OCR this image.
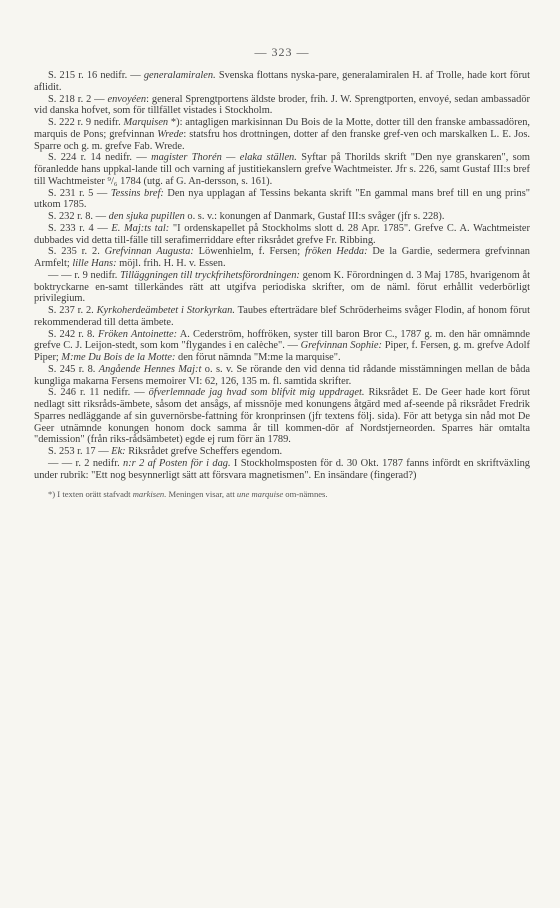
— 323 —

S. 215 r. 16 nedifr. — generalamiralen. Svenska flottans nyska-pare, generalamiralen H. af Trolle, hade kort förut aflidit.

S. 218 r. 2 — envoyéen: general Sprengtportens äldste broder, frih. J. W. Sprengtporten, envoyé, sedan ambassadör vid danska hofvet, som för tillfället vistades i Stockholm.

S. 222 r. 9 nedifr. Marquisen *): antagligen markisinnan Du Bois de la Motte, dotter till den franske ambassadören, marquis de Pons; grefvinnan Wrede: statsfru hos drottningen, dotter af den franske gref-ven och marskalken L. E. Jos. Sparre och g. m. grefve Fab. Wrede.

S. 224 r. 14 nedifr. — magister Thorén — elaka ställen. Syftar på Thorilds skrift "Den nye granskaren", som föranledde hans uppkal-lande till och varning af justitiekanslern grefve Wachtmeister. Jfr s. 226, samt Gustaf III:s bref till Wachtmeister ⁹/₆ 1784 (utg. af G. An-dersson, s. 161).

S. 231 r. 5 — Tessins bref: Den nya upplagan af Tessins bekanta skrift "En gammal mans bref till en ung prins" utkom 1785.

S. 232 r. 8. — den sjuka pupillen o. s. v.: konungen af Danmark, Gustaf III:s svåger (jfr s. 228).

S. 233 r. 4 — E. Maj:ts tal: "I ordenskapellet på Stockholms slott d. 28 Apr. 1785". Grefve C. A. Wachtmeister dubbades vid detta till-fälle till serafimerriddare efter riksrådet grefve Fr. Ribbing.

S. 235 r. 2. Grefvinnan Augusta: Löwenhielm, f. Fersen; fröken Hedda: De la Gardie, sedermera grefvinnan Armfelt; lille Hans: möjl. frih. H. H. v. Essen.

— — r. 9 nedifr. Tilläggningen till tryckfrihetsförordningen: genom K. Förordningen d. 3 Maj 1785, hvarigenom åt boktryckarne en-samt tillerkändes rätt att utgifva periodiska skrifter, om de näml. förut erhållit vederbörligt privilegium.

S. 237 r. 2. Kyrkoherdeämbetet i Storkyrkan. Taubes efterträdare blef Schröderheims svåger Flodin, af honom förut rekommenderad till detta ämbete.

S. 242 r. 8. Fröken Antoinette: A. Cederström, hoffröken, syster till baron Bror C., 1787 g. m. den här omnämnde grefve C. J. Leijon-stedt, som kom "flygandes i en calèche". — Grefvinnan Sophie: Piper, f. Fersen, g. m. grefve Adolf Piper; M:me Du Bois de la Motte: den förut nämnda "M:me la marquise".

S. 245 r. 8. Angående Hennes Maj:t o. s. v. Se rörande den vid denna tid rådande misstämningen mellan de båda kungliga makarna Fersens memoirer VI: 62, 126, 135 m. fl. samtida skrifter.

S. 246 r. 11 nedifr. — öfverlemnade jag hvad som blifvit mig uppdraget. Riksrådet E. De Geer hade kort förut nedlagt sitt riksråds-ämbete, såsom det ansågs, af missnöje med konungens åtgärd med af-seende på riksrådet Fredrik Sparres nedläggande af sin guvernörsbe-fattning för kronprinsen (jfr textens följ. sida). För att betyga sin nåd mot De Geer utnämnde konungen honom dock samma år till kommen-dör af Nordstjerneorden. Sparres här omtalta "demission" (från riks-rådsämbetet) egde ej rum förr än 1789.

S. 253 r. 17 — Ek: Riksrådet grefve Scheffers egendom.

— — r. 2 nedifr. n:r 2 af Posten för i dag. I Stockholmsposten för d. 30 Okt. 1787 fanns infördt en skriftväxling under rubrik: "Ett nog besynnerligt sätt att försvara magnetismen". En insändare (fingerad?)

*) I texten orätt stafvadt markisen. Meningen visar, att une marquise om-nämnes.
